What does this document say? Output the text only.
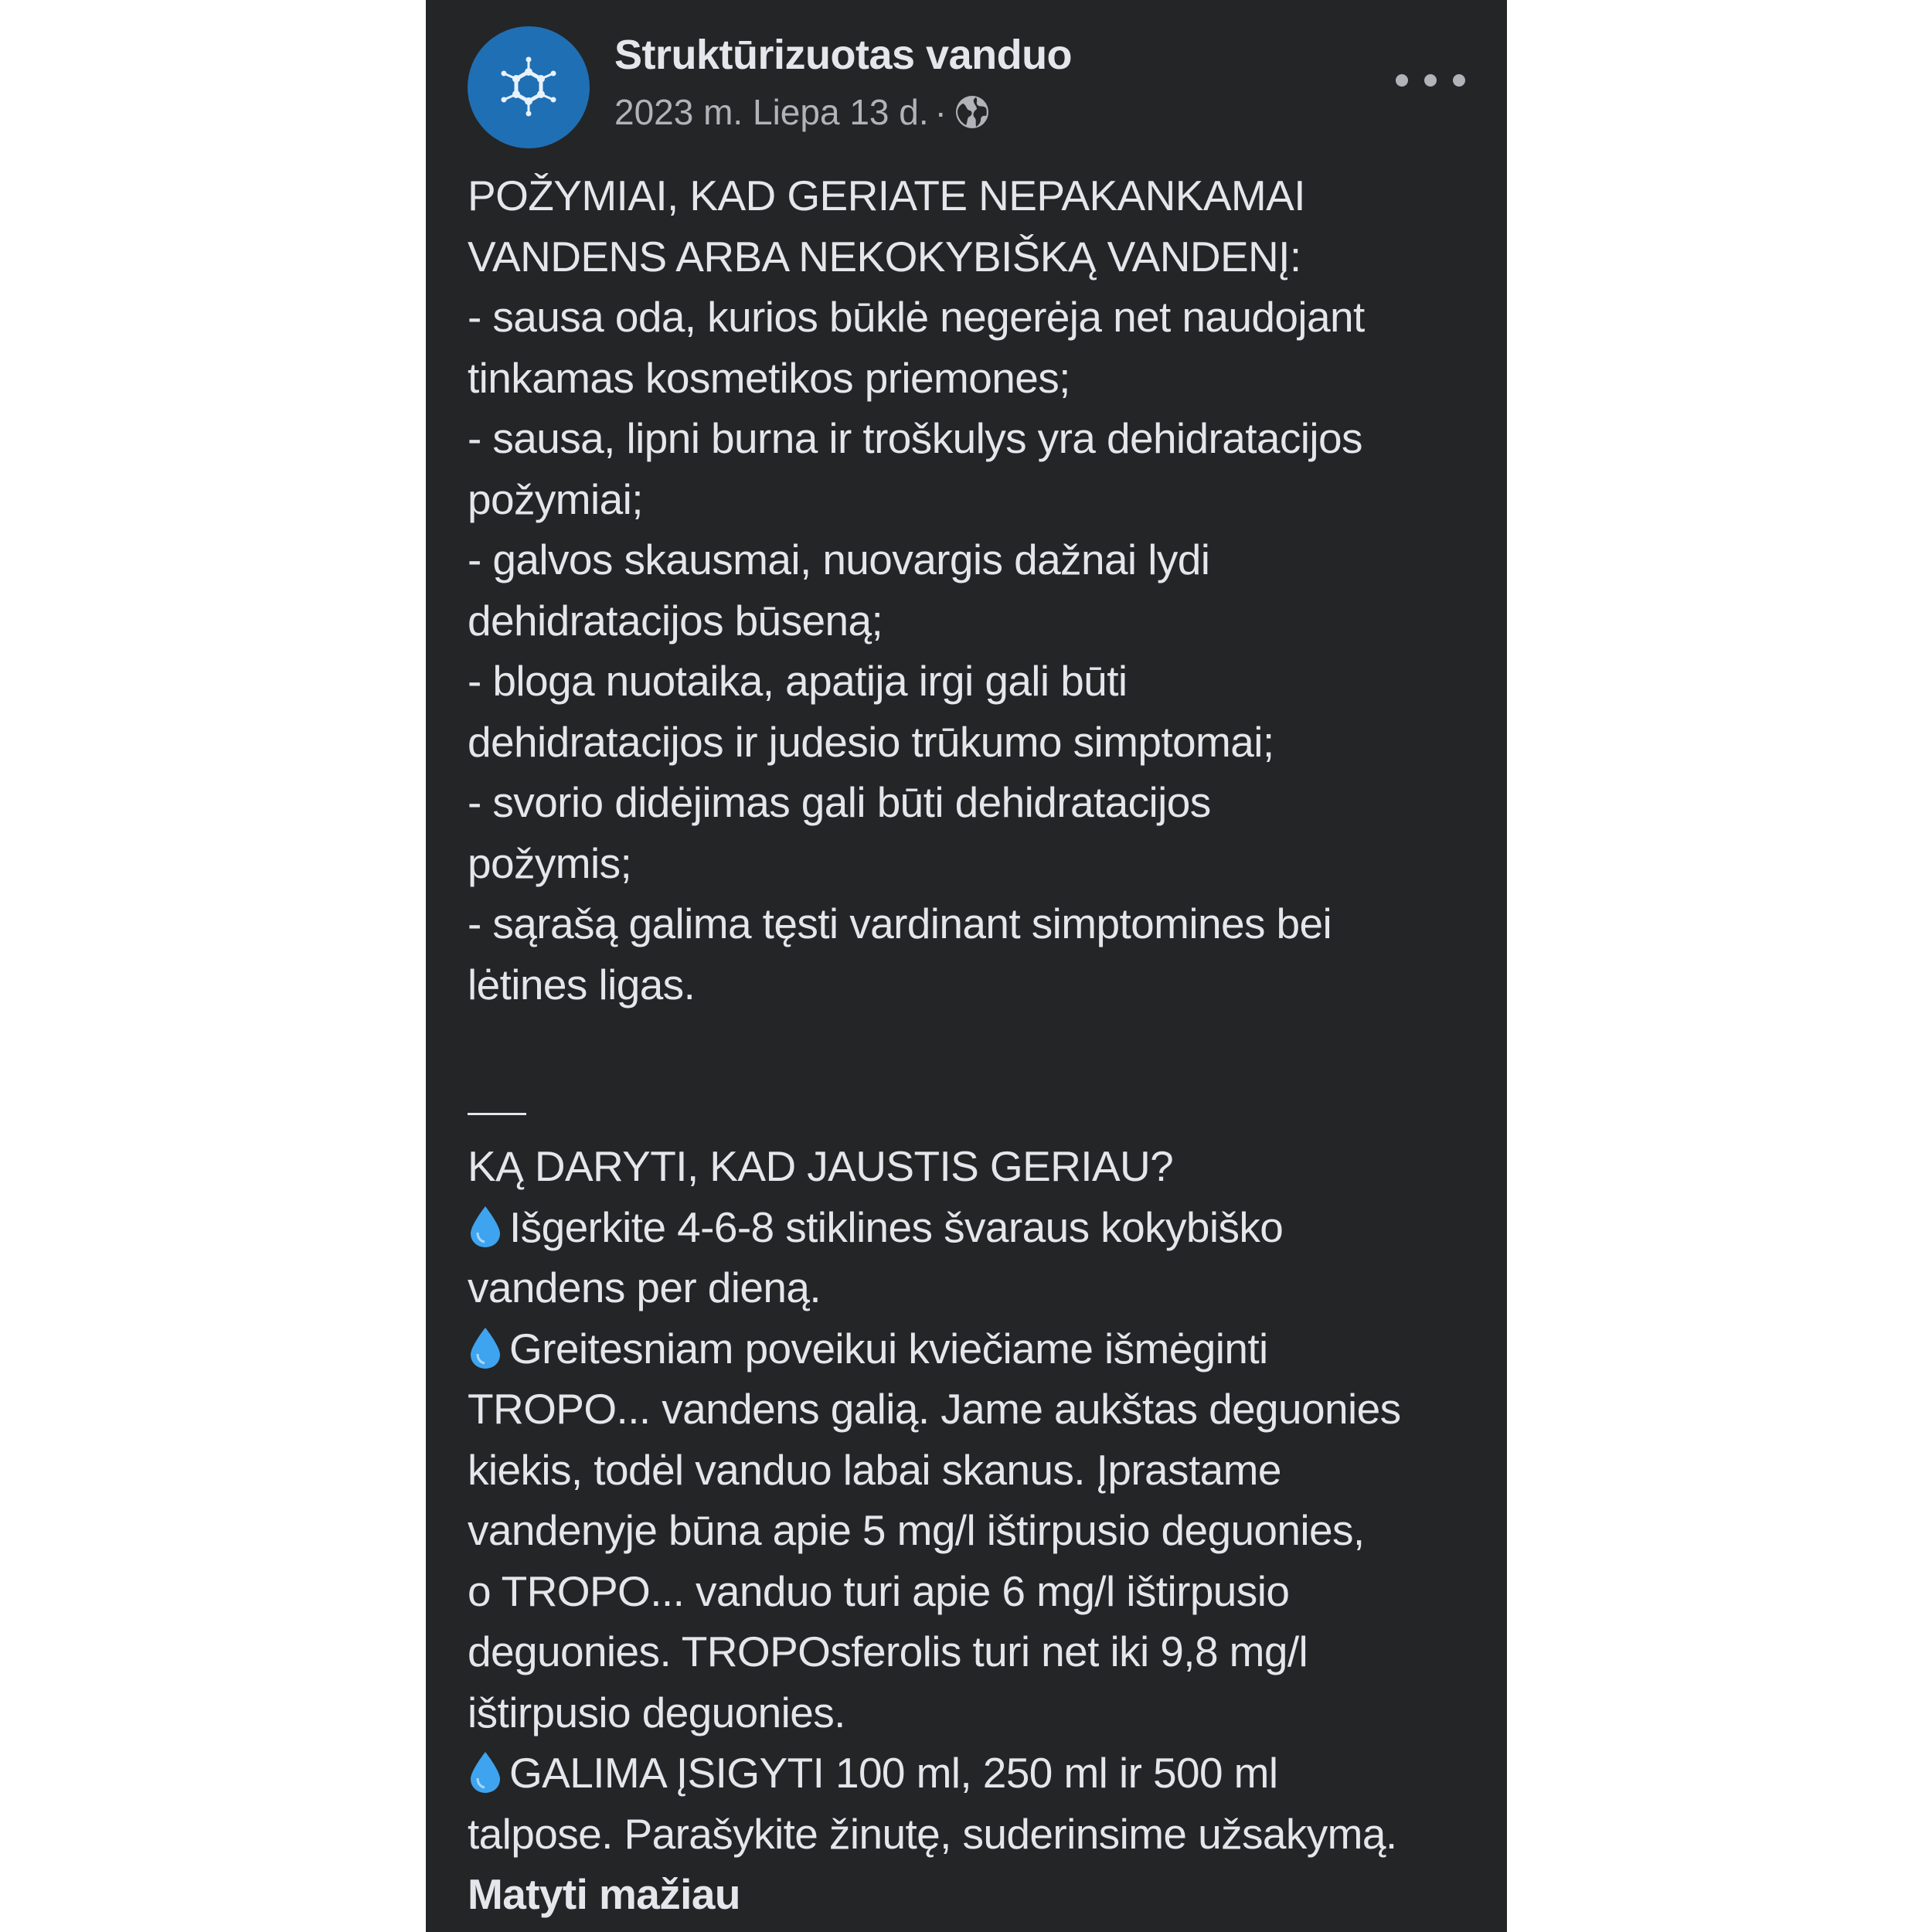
Struktūrizuotas vanduo
2023 m. Liepa 13 d. ·
POŽYMIAI, KAD GERIATE NEPAKANKAMAI
VANDENS ARBA NEKOKYBIŠKĄ VANDENĮ:
- sausa oda, kurios būklė negerėja net naudojant
tinkamas kosmetikos priemones;
- sausa, lipni burna ir troškulys yra dehidratacijos
požymiai;
- galvos skausmai, nuovargis dažnai lydi
dehidratacijos būseną;
- bloga nuotaika, apatija irgi gali būti
dehidratacijos ir judesio trūkumo simptomai;
- svorio didėjimas gali būti dehidratacijos
požymis;
- sąrašą galima tęsti vardinant simptomines bei
lėtines ligas.
KĄ DARYTI, KAD JAUSTIS GERIAU?
Išgerkite 4-6-8 stiklines švaraus kokybiško
vandens per dieną.
Greitesniam poveikui kviečiame išmėginti
TROPO... vandens galią. Jame aukštas deguonies
kiekis, todėl vanduo labai skanus. Įprastame
vandenyje būna apie 5 mg/l ištirpusio deguonies,
o TROPO... vanduo turi apie 6 mg/l ištirpusio
deguonies. TROPOsferolis turi net iki 9,8 mg/l
ištirpusio deguonies.
GALIMA ĮSIGYTI 100 ml, 250 ml ir 500 ml
talpose. Parašykite žinutę, suderinsime užsakymą.
Matyti mažiau
